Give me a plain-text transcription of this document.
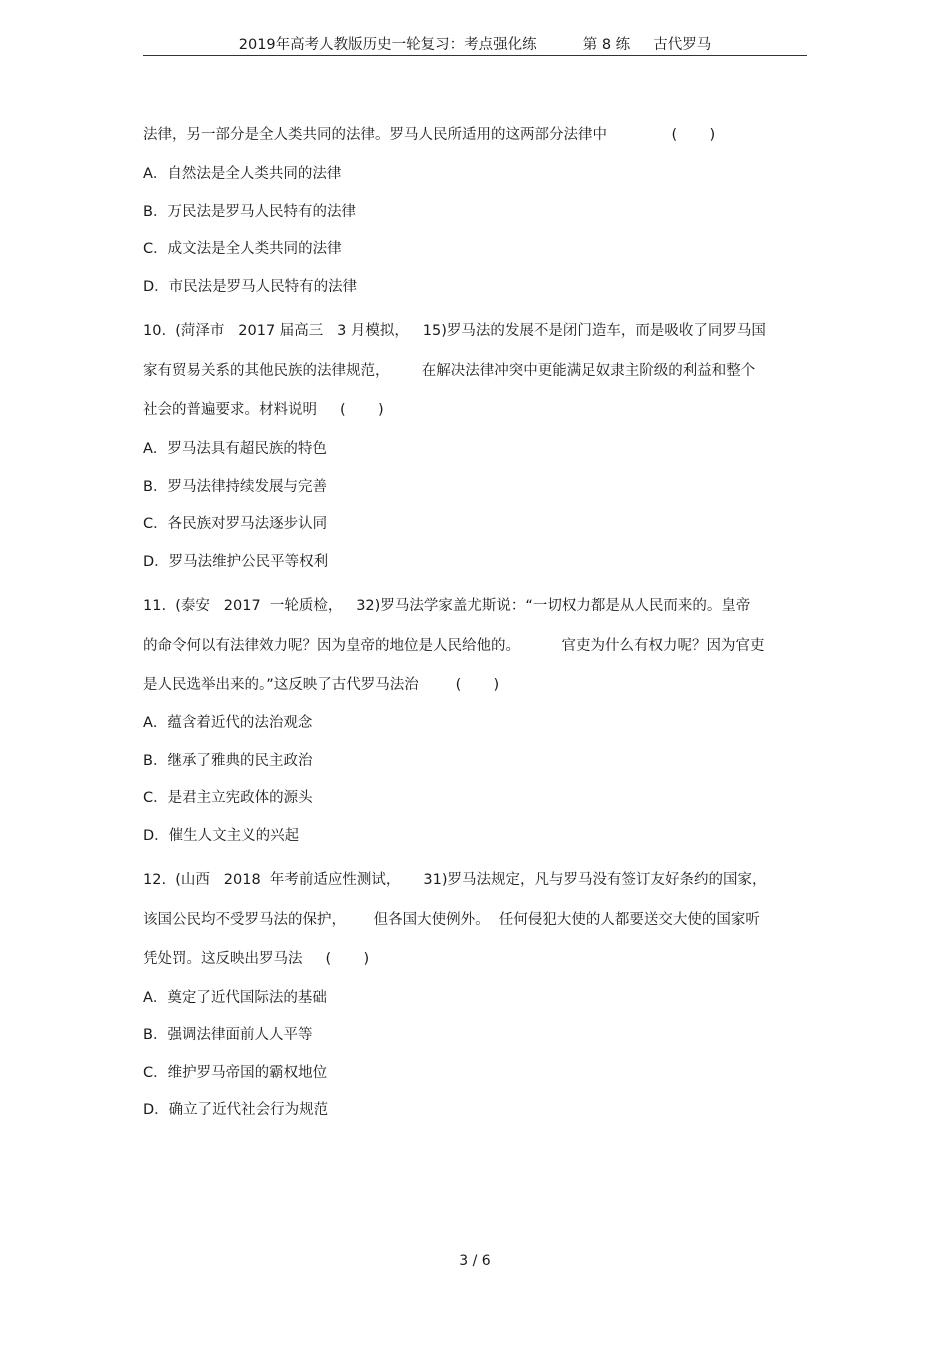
2019年高考人教版历史一轮复习：考点强化练          第 8 练     古代罗马
法律，另一部分是全人类共同的法律。罗马人民所适用的这两部分法律中              (       )
A．自然法是全人类共同的法律
B．万民法是罗马人民特有的法律
C．成文法是全人类共同的法律
D．市民法是罗马人民特有的法律
10.  (菏泽市   2017 届高三   3 月模拟，   15)罗马法的发展不是闭门造车，而是吸收了同罗马国
家有贸易关系的其他民族的法律规范，       在解决法律冲突中更能满足奴隶主阶级的利益和整个
社会的普遍要求。材料说明     (       )
A．罗马法具有超民族的特色
B．罗马法律持续发展与完善
C．各民族对罗马法逐步认同
D．罗马法维护公民平等权利
11.  (泰安   2017  一轮质检，   32)罗马法学家盖尤斯说：“一切权力都是从人民而来的。皇帝
的命令何以有法律效力呢？因为皇帝的地位是人民给他的。         官吏为什么有权力呢？因为官吏
是人民选举出来的。”这反映了古代罗马法治        (       )
A．蕴含着近代的法治观念
B．继承了雅典的民主政治
C．是君主立宪政体的源头
D．催生人文主义的兴起
12.  (山西   2018  年考前适应性测试，     31)罗马法规定，凡与罗马没有签订友好条约的国家，
该国公民均不受罗马法的保护，      但各国大使例外。  任何侵犯大使的人都要送交大使的国家听
凭处罚。这反映出罗马法     (       )
A．奠定了近代国际法的基础
B．强调法律面前人人平等
C．维护罗马帝国的霸权地位
D．确立了近代社会行为规范
3 / 6
